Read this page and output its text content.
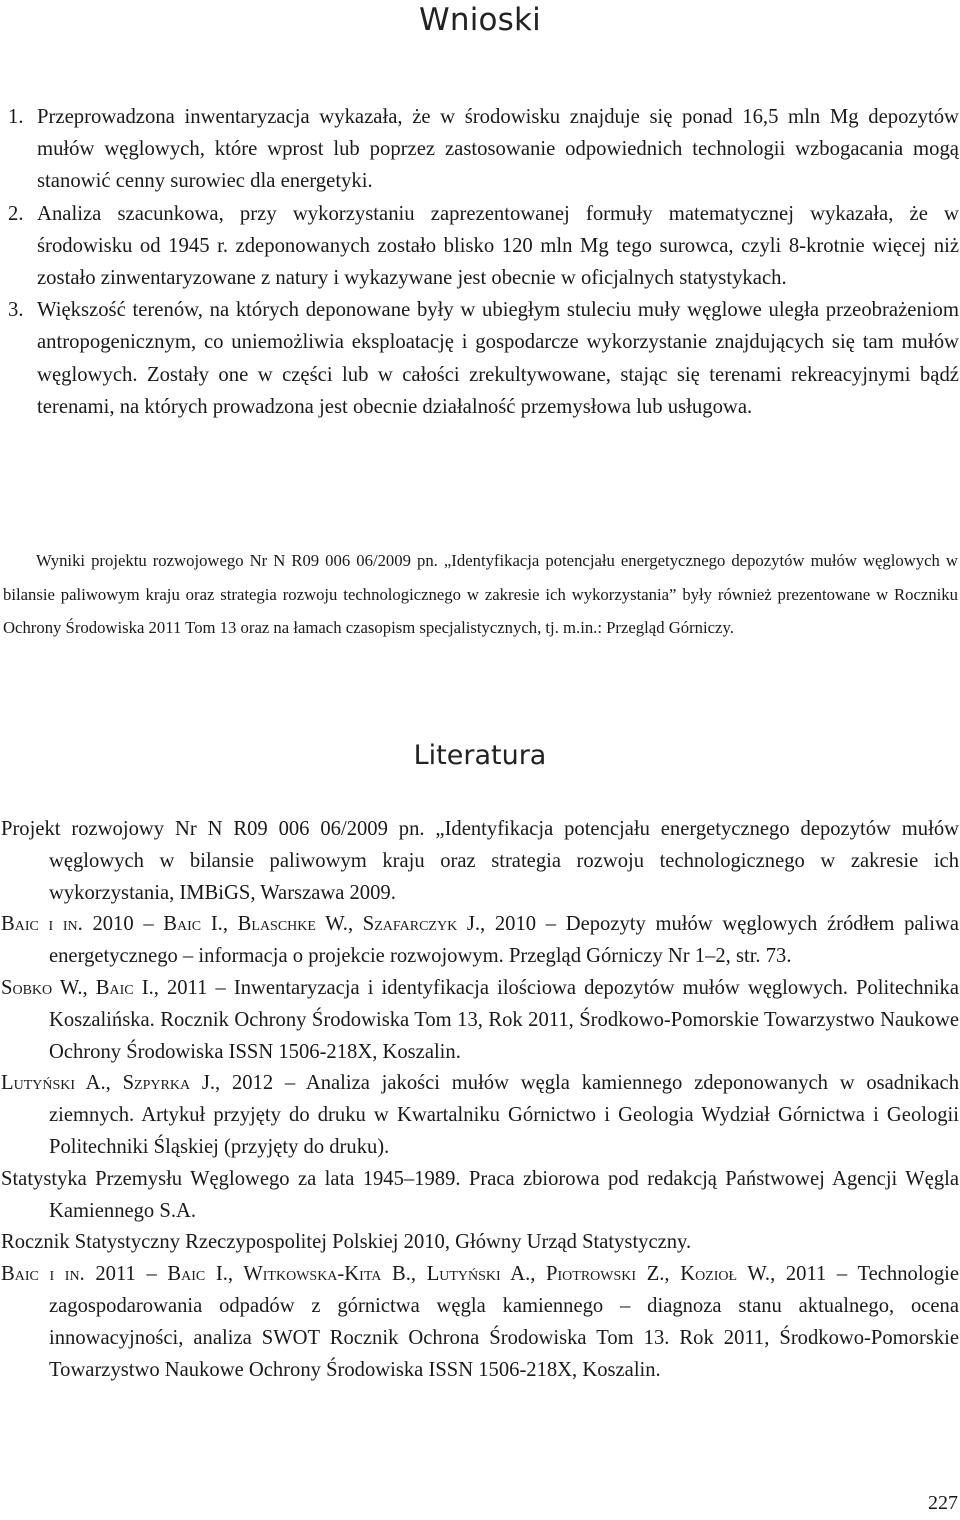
Wnioski
1. Przeprowadzona inwentaryzacja wykazała, że w środowisku znajduje się ponad 16,5 mln Mg depozytów mułów węglowych, które wprost lub poprzez zastosowanie odpowiednich technologii wzbogacania mogą stanowić cenny surowiec dla energetyki.
2. Analiza szacunkowa, przy wykorzystaniu zaprezentowanej formuły matematycznej wykazała, że w środowisku od 1945 r. zdeponowanych zostało blisko 120 mln Mg tego surowca, czyli 8-krotnie więcej niż zostało zinwentaryzowane z natury i wykazywane jest obecnie w oficjalnych statystykach.
3. Większość terenów, na których deponowane były w ubiegłym stuleciu muły węglowe uległa przeobrażeniom antropogenicznym, co uniemożliwia eksploatację i gospodarcze wykorzystanie znajdujących się tam mułów węglowych. Zostały one w części lub w całości zrekultywowane, stając się terenami rekreacyjnymi bądź terenami, na których prowadzona jest obecnie działalność przemysłowa lub usługowa.

Wyniki projektu rozwojowego Nr N R09 006 06/2009 pn. „Identyfikacja potencjału energetycznego depozytów mułów węglowych w bilansie paliwowym kraju oraz strategia rozwoju technologicznego w zakresie ich wykorzystania” były również prezentowane w Roczniku Ochrony Środowiska 2011 Tom 13 oraz na łamach czasopism specjalistycznych, tj. m.in.: Przegląd Górniczy.

Literatura
Projekt rozwojowy Nr N R09 006 06/2009 pn. „Identyfikacja potencjału energetycznego depozytów mułów węglowych w bilansie paliwowym kraju oraz strategia rozwoju technologicznego w zakresie ich wykorzystania, IMBiGS, Warszawa 2009.
Baic i in. 2010 – Baic I., Blaschke W., Szafarczyk J., 2010 – Depozyty mułów węglowych źródłem paliwa energetycznego – informacja o projekcie rozwojowym. Przegląd Górniczy Nr 1–2, str. 73.
Sobko W., Baic I., 2011 – Inwentaryzacja i identyfikacja ilościowa depozytów mułów węglowych. Politechnika Koszalińska. Rocznik Ochrony Środowiska Tom 13, Rok 2011, Środkowo-Pomorskie Towarzystwo Naukowe Ochrony Środowiska ISSN 1506-218X, Koszalin.
Lutyński A., Szpyrka J., 2012 – Analiza jakości mułów węgla kamiennego zdeponowanych w osadnikach ziemnych. Artykuł przyjęty do druku w Kwartalniku Górnictwo i Geologia Wydział Górnictwa i Geologii Politechniki Śląskiej (przyjęty do druku).
Statystyka Przemysłu Węglowego za lata 1945–1989. Praca zbiorowa pod redakcją Państwowej Agencji Węgla Kamiennego S.A.
Rocznik Statystyczny Rzeczypospolitej Polskiej 2010, Główny Urząd Statystyczny.
Baic i in. 2011 – Baic I., Witkowska-Kita B., Lutyński A., Piotrowski Z., Kozioł W., 2011 – Technologie zagospodarowania odpadów z górnictwa węgla kamiennego – diagnoza stanu aktualnego, ocena innowacyjności, analiza SWOT Rocznik Ochrona Środowiska Tom 13. Rok 2011, Środkowo-Pomorskie Towarzystwo Naukowe Ochrony Środowiska ISSN 1506-218X, Koszalin.
227
